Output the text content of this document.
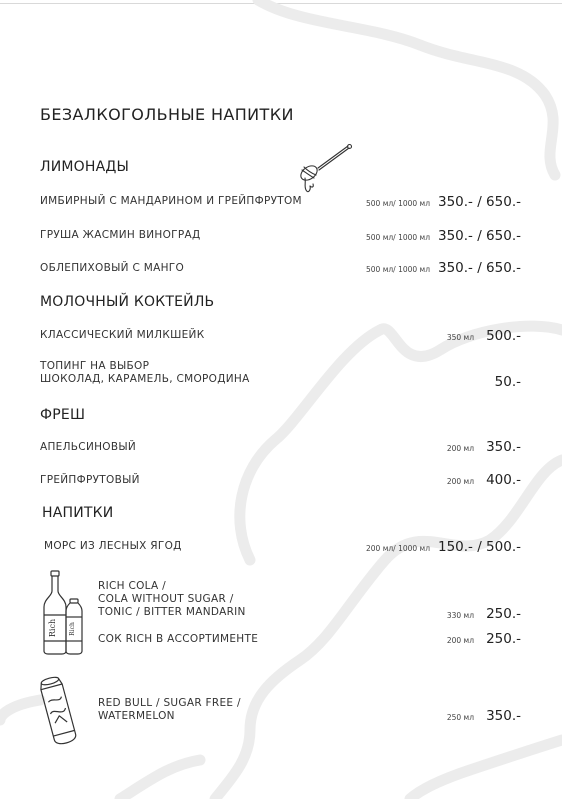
БЕЗАЛКОГОЛЬНЫЕ НАПИТКИ
ЛИМОНАДЫ
ИМБИРНЫЙ С МАНДАРИНОМ И ГРЕЙПФРУТОМ	500 мл/ 1000 мл 350.- / 650.-
ГРУША ЖАСМИН ВИНОГРАД	500 мл/ 1000 мл 350.- / 650.-
ОБЛЕПИХОВЫЙ С МАНГО	500 мл/ 1000 мл 350.- / 650.-
МОЛОЧНЫЙ КОКТЕЙЛЬ
КЛАССИЧЕСКИЙ МИЛКШЕЙК	350 мл 500.-
ТОПИНГ НА ВЫБОР
ШОКОЛАД, КАРАМЕЛЬ, СМОРОДИНА	50.-
ФРЕШ
АПЕЛЬСИНОВЫЙ	200 мл 350.-
ГРЕЙПФРУТОВЫЙ	200 мл 400.-
НАПИТКИ
МОРС ИЗ ЛЕСНЫХ ЯГОД	200 мл/ 1000 мл 150.- / 500.-
Rich Rich
RICH COLA /
COLA WITHOUT SUGAR /
TONIC / BITTER MANDARIN	330 мл 250.-
СОК RICH В АССОРТИМЕНТЕ	200 мл 250.-
RED BULL / SUGAR FREE /
WATERMELON	250 мл 350.-
